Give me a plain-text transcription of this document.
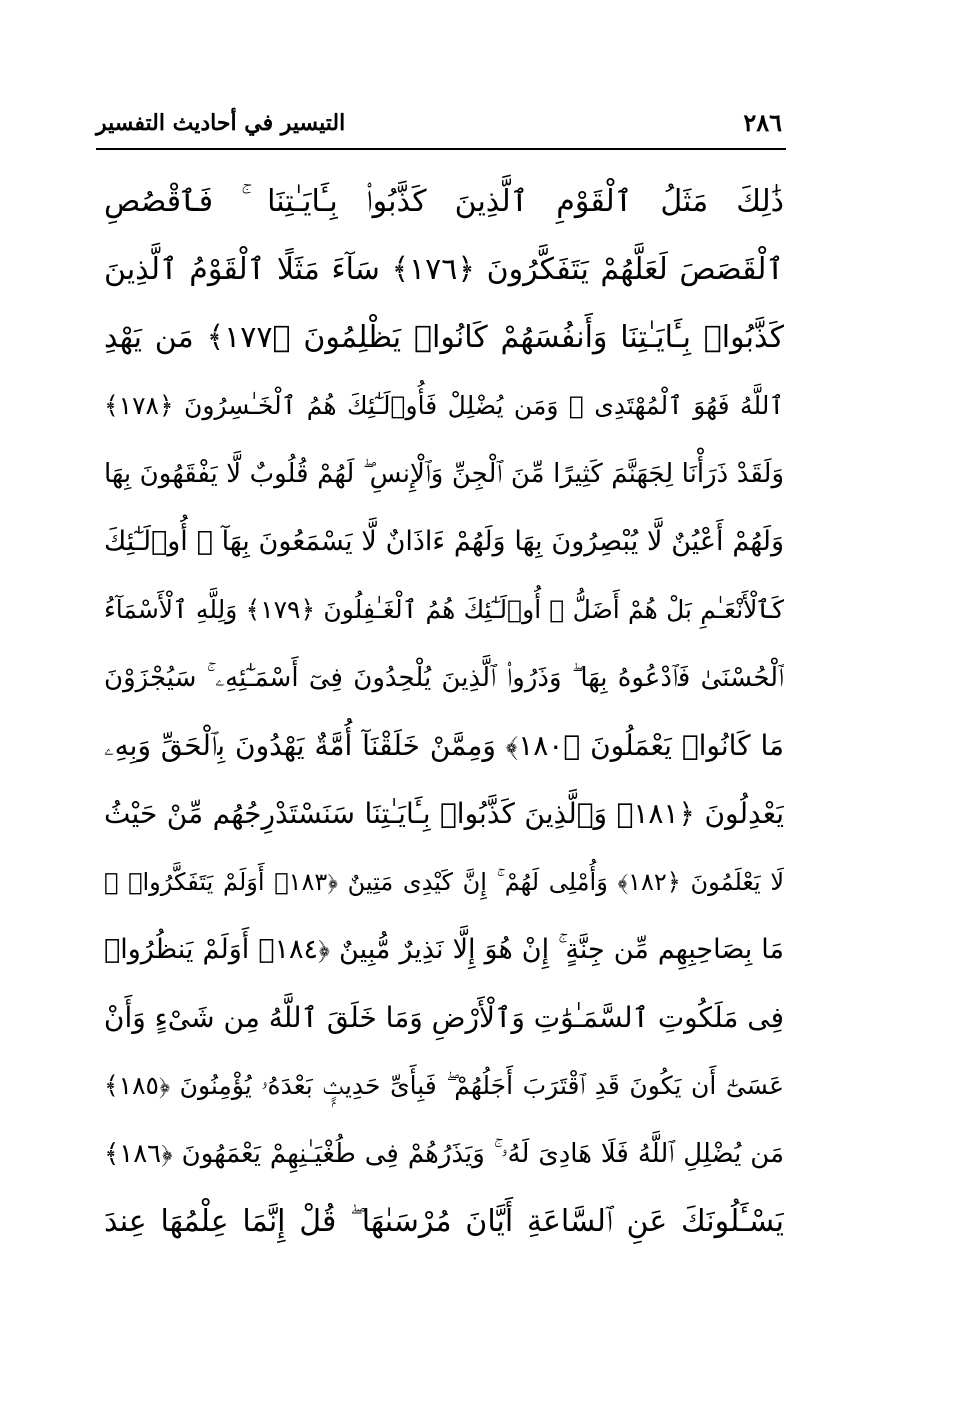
التيسير في أحاديث التفسير	٢٨٦
ذَٰلِكَ مَثَلُ ٱلْقَوْمِ ٱلَّذِينَ كَذَّبُوا۟ بِـَٔايَـٰتِنَا ۚ فَٱقْصُصِ
ٱلْقَصَصَ لَعَلَّهُمْ يَتَفَكَّرُونَ ﴿١٧٦﴾ سَآءَ مَثَلًا ٱلْقَوْمُ ٱلَّذِينَ
كَذَّبُوا۟ بِـَٔايَـٰتِنَا وَأَنفُسَهُمْ كَانُوا۟ يَظْلِمُونَ ﴿١٧٧﴾ مَن يَهْدِ
ٱللَّهُ فَهُوَ ٱلْمُهْتَدِى ۖ وَمَن يُضْلِلْ فَأُو۟لَـٰٓئِكَ هُمُ ٱلْخَـٰسِرُونَ ﴿١٧٨﴾
وَلَقَدْ ذَرَأْنَا لِجَهَنَّمَ كَثِيرًا مِّنَ ٱلْجِنِّ وَٱلْإِنسِ ۖ لَهُمْ قُلُوبٌ لَّا يَفْقَهُونَ بِهَا
وَلَهُمْ أَعْيُنٌ لَّا يُبْصِرُونَ بِهَا وَلَهُمْ ءَاذَانٌ لَّا يَسْمَعُونَ بِهَآ ۚ أُو۟لَـٰٓئِكَ
كَٱلْأَنْعَـٰمِ بَلْ هُمْ أَضَلُّ ۚ أُو۟لَـٰٓئِكَ هُمُ ٱلْغَـٰفِلُونَ ﴿١٧٩﴾ وَلِلَّهِ ٱلْأَسْمَآءُ
ٱلْحُسْنَىٰ فَٱدْعُوهُ بِهَا ۖ وَذَرُوا۟ ٱلَّذِينَ يُلْحِدُونَ فِىٓ أَسْمَـٰٓئِهِۦ ۚ سَيُجْزَوْنَ
مَا كَانُوا۟ يَعْمَلُونَ ﴿١٨٠﴾ وَمِمَّنْ خَلَقْنَآ أُمَّةٌ يَهْدُونَ بِٱلْحَقِّ وَبِهِۦ
يَعْدِلُونَ ﴿١٨١﴾ وَٱلَّذِينَ كَذَّبُوا۟ بِـَٔايَـٰتِنَا سَنَسْتَدْرِجُهُم مِّنْ حَيْثُ
لَا يَعْلَمُونَ ﴿١٨٢﴾ وَأُمْلِى لَهُمْ ۚ إِنَّ كَيْدِى مَتِينٌ ﴿١٨٣﴾ أَوَلَمْ يَتَفَكَّرُوا۟ ۗ
مَا بِصَاحِبِهِم مِّن جِنَّةٍ ۚ إِنْ هُوَ إِلَّا نَذِيرٌ مُّبِينٌ ﴿١٨٤﴾ أَوَلَمْ يَنظُرُوا۟
فِى مَلَكُوتِ ٱلسَّمَـٰوَٰتِ وَٱلْأَرْضِ وَمَا خَلَقَ ٱللَّهُ مِن شَىْءٍ وَأَنْ
عَسَىٰٓ أَن يَكُونَ قَدِ ٱقْتَرَبَ أَجَلُهُمْ ۖ فَبِأَىِّ حَدِيثٍۭ بَعْدَهُۥ يُؤْمِنُونَ ﴿١٨٥﴾
مَن يُضْلِلِ ٱللَّهُ فَلَا هَادِىَ لَهُۥ ۚ وَيَذَرُهُمْ فِى طُغْيَـٰنِهِمْ يَعْمَهُونَ ﴿١٨٦﴾
يَسْـَٔلُونَكَ عَنِ ٱلسَّاعَةِ أَيَّانَ مُرْسَىٰهَا ۖ قُلْ إِنَّمَا عِلْمُهَا عِندَ
